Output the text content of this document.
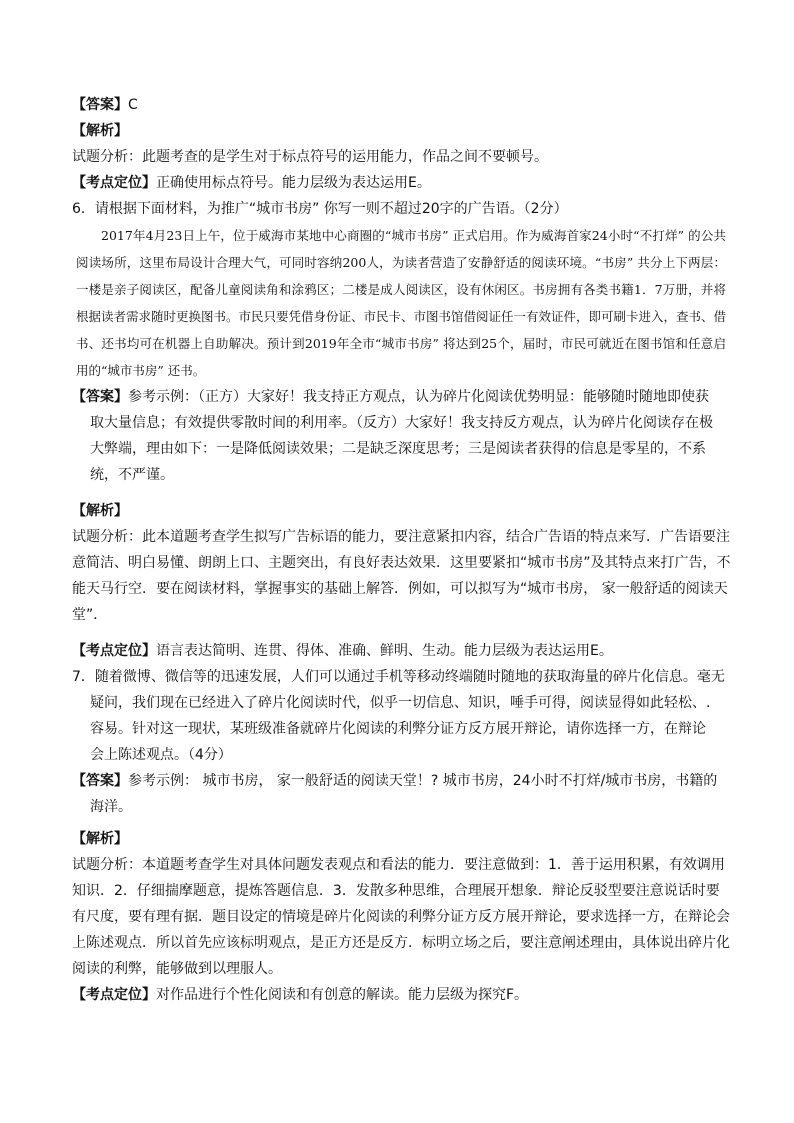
【答案】C
【解析】
试题分析：此题考查的是学生对于标点符号的运用能力，作品之间不要顿号。
【考点定位】正确使用标点符号。能力层级为表达运用E。
6．请根据下面材料，为推广“城市书房” 你写一则不超过20字的广告语。（2分）
2017年4月23日上午，位于威海市某地中心商圈的“城市书房” 正式启用。作为威海首家24小时“不打烊” 的公共阅读场所，这里布局设计合理大气，可同时容纳200人，为读者营造了安静舒适的阅读环境。“书房” 共分上下两层：一楼是亲子阅读区，配备儿童阅读角和涂鸦区；二楼是成人阅读区，设有休闲区。书房拥有各类书籍1．7万册，并将根据读者需求随时更换图书。市民只要凭借身份证、市民卡、市图书馆借阅证任一有效证件，即可刷卡进入，查书、借书、还书均可在机器上自助解决。预计到2019年全市“城市书房” 将达到25个，届时，市民可就近在图书馆和任意启用的“城市书房” 还书。
【答案】参考示例：（正方）大家好！我支持正方观点，认为碎片化阅读优势明显：能够随时随地即使获
取大量信息；有效提供零散时间的利用率。（反方）大家好！我支持反方观点，认为碎片化阅读存在极
大弊端，理由如下：一是降低阅读效果；二是缺乏深度思考；三是阅读者获得的信息是零星的，不系
统，不严谨。
【解析】
试题分析：此本道题考查学生拟写广告标语的能力，要注意紧扣内容，结合广告语的特点来写．广告语要注意简洁、明白易懂、朗朗上口、主题突出，有良好表达效果．这里要紧扣“城市书房”及其特点来打广告，不能天马行空．要在阅读材料，掌握事实的基础上解答．例如，可以拟写为“城市书房， 家一般舒适的阅读天堂”．
【考点定位】语言表达简明、连贯、得体、准确、鲜明、生动。能力层级为表达运用E。
7．随着微博、微信等的迅速发展，人们可以通过手机等移动终端随时随地的获取海量的碎片化信息。毫无
疑问，我们现在已经进入了碎片化阅读时代，似乎一切信息、知识，唾手可得，阅读显得如此轻松、.
容易。针对这一现状，某班级准备就碎片化阅读的利弊分证方反方展开辩论，请你选择一方，在辩论
会上陈述观点。（4分）
【答案】参考示例： 城市书房， 家一般舒适的阅读天堂！? 城市书房，24小时不打烊/城市书房，书籍的
海洋。
【解析】
试题分析：本道题考查学生对具体问题发表观点和看法的能力．要注意做到：1．善于运用积累，有效调用知识．2．仔细揣摩题意，提炼答题信息．3．发散多种思维，合理展开想象．辩论反驳型要注意说话时要有尺度，要有理有据．题目设定的情境是碎片化阅读的利弊分证方反方展开辩论，要求选择一方，在辩论会上陈述观点．所以首先应该标明观点，是正方还是反方．标明立场之后，要注意阐述理由，具体说出碎片化阅读的利弊，能够做到以理服人。
【考点定位】对作品进行个性化阅读和有创意的解读。能力层级为探究F。
